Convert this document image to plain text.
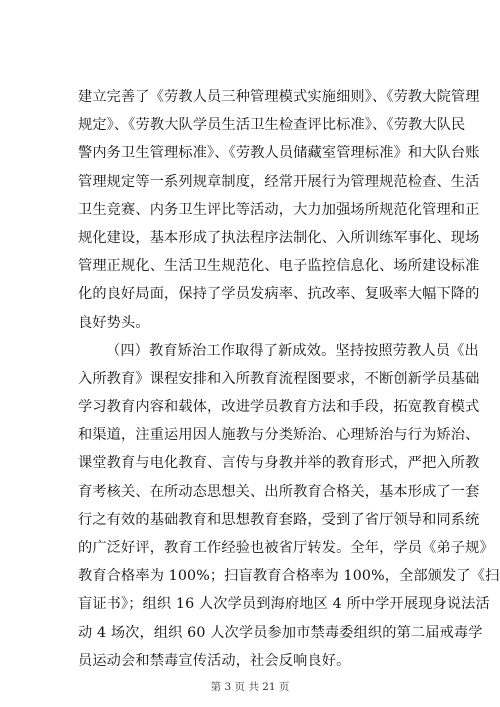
建立完善了《劳教人员三种管理模式实施细则》、《劳教大院管理
规定》、《劳教大队学员生活卫生检查评比标准》、《劳教大队民
警内务卫生管理标准》、《劳教人员储藏室管理标准》和大队台账
管理规定等一系列规章制度，经常开展行为管理规范检查、生活
卫生竞赛、内务卫生评比等活动，大力加强场所规范化管理和正
规化建设，基本形成了执法程序法制化、入所训练军事化、现场
管理正规化、生活卫生规范化、电子监控信息化、场所建设标准
化的良好局面，保持了学员发病率、抗改率、复吸率大幅下降的
良好势头。
（四）教育矫治工作取得了新成效。坚持按照劳教人员《出
入所教育》课程安排和入所教育流程图要求，不断创新学员基础
学习教育内容和载体，改进学员教育方法和手段，拓宽教育模式
和渠道，注重运用因人施教与分类矫治、心理矫治与行为矫治、
课堂教育与电化教育、言传与身教并举的教育形式，严把入所教
育考核关、在所动态思想关、出所教育合格关，基本形成了一套
行之有效的基础教育和思想教育套路，受到了省厅领导和同系统
的广泛好评，教育工作经验也被省厅转发。全年，学员《弟子规》
教育合格率为 100%；扫盲教育合格率为 100%，全部颁发了《扫
盲证书》；组织 16 人次学员到海府地区 4 所中学开展现身说法活
动 4 场次，组织 60 人次学员参加市禁毒委组织的第二届戒毒学
员运动会和禁毒宣传活动，社会反响良好。
第 3 页 共 21 页
